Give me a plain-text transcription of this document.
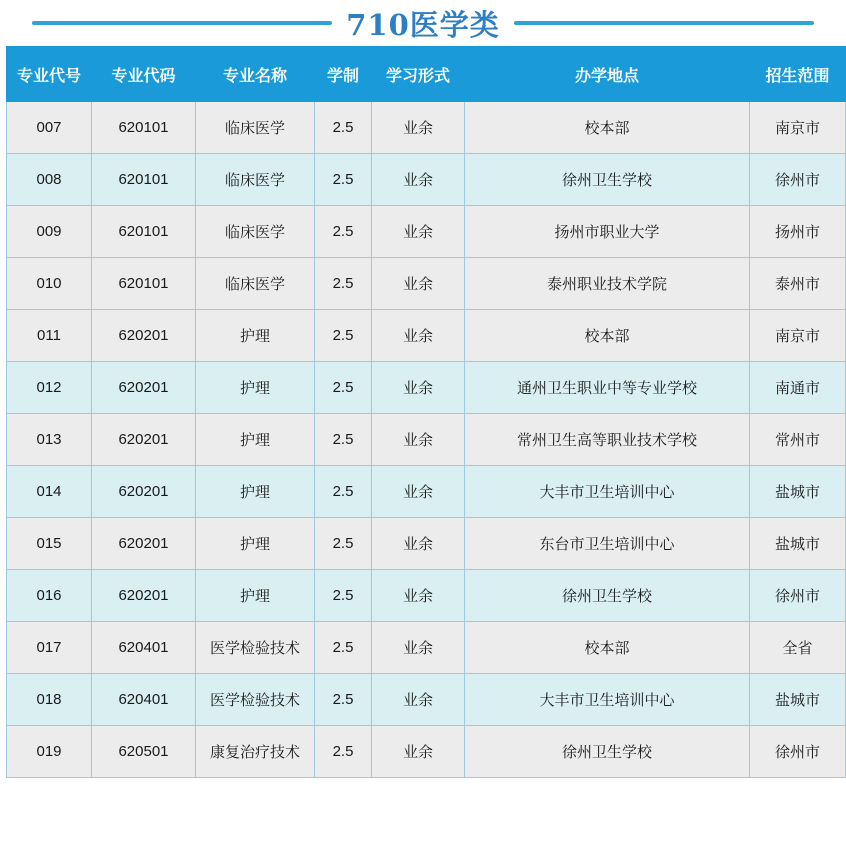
710医学类
专业代号	专业代码	专业名称	学制	学习形式	办学地点	招生范围
007	620101	临床医学	2.5	业余	校本部	南京市
008	620101	临床医学	2.5	业余	徐州卫生学校	徐州市
009	620101	临床医学	2.5	业余	扬州市职业大学	扬州市
010	620101	临床医学	2.5	业余	泰州职业技术学院	泰州市
011	620201	护理	2.5	业余	校本部	南京市
012	620201	护理	2.5	业余	通州卫生职业中等专业学校	南通市
013	620201	护理	2.5	业余	常州卫生高等职业技术学校	常州市
014	620201	护理	2.5	业余	大丰市卫生培训中心	盐城市
015	620201	护理	2.5	业余	东台市卫生培训中心	盐城市
016	620201	护理	2.5	业余	徐州卫生学校	徐州市
017	620401	医学检验技术	2.5	业余	校本部	全省
018	620401	医学检验技术	2.5	业余	大丰市卫生培训中心	盐城市
019	620501	康复治疗技术	2.5	业余	徐州卫生学校	徐州市
